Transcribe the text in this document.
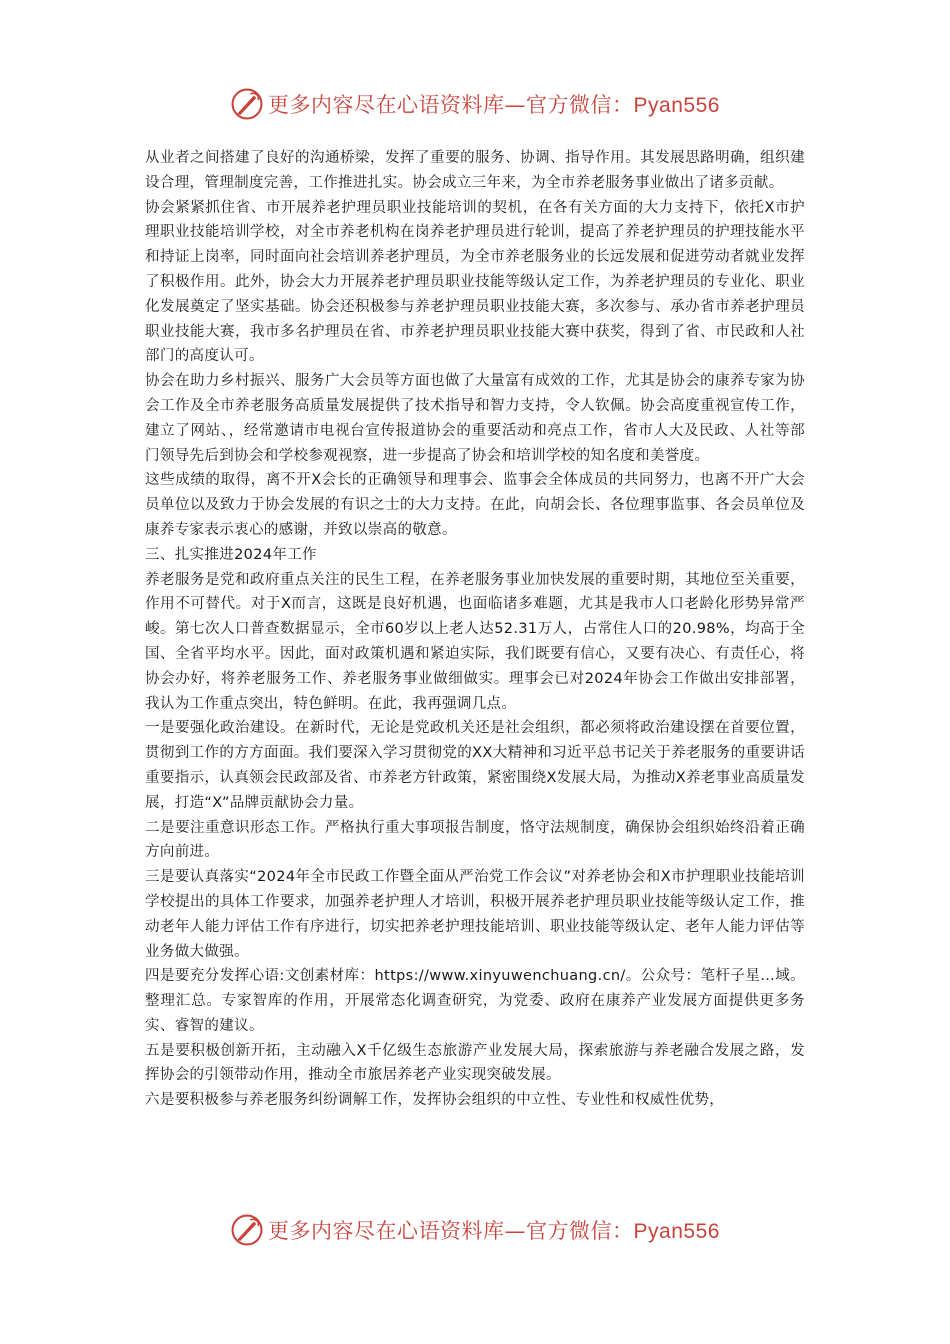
更多内容尽在心语资料库—官方微信：Pyan556

从业者之间搭建了良好的沟通桥梁，发挥了重要的服务、协调、指导作用。其发展思路明确，组织建设合理，管理制度完善，工作推进扎实。协会成立三年来，为全市养老服务事业做出了诸多贡献。

协会紧紧抓住省、市开展养老护理员职业技能培训的契机，在各有关方面的大力支持下，依托X市护理职业技能培训学校，对全市养老机构在岗养老护理员进行轮训，提高了养老护理员的护理技能水平和持证上岗率，同时面向社会培训养老护理员，为全市养老服务业的长远发展和促进劳动者就业发挥了积极作用。此外，协会大力开展养老护理员职业技能等级认定工作，为养老护理员的专业化、职业化发展奠定了坚实基础。协会还积极参与养老护理员职业技能大赛，多次参与、承办省市养老护理员职业技能大赛，我市多名护理员在省、市养老护理员职业技能大赛中获奖，得到了省、市民政和人社部门的高度认可。

协会在助力乡村振兴、服务广大会员等方面也做了大量富有成效的工作，尤其是协会的康养专家为协会工作及全市养老服务高质量发展提供了技术指导和智力支持，令人钦佩。协会高度重视宣传工作，建立了网站、，经常邀请市电视台宣传报道协会的重要活动和亮点工作，省市人大及民政、人社等部门领导先后到协会和学校参观视察，进一步提高了协会和培训学校的知名度和美誉度。

这些成绩的取得，离不开X会长的正确领导和理事会、监事会全体成员的共同努力，也离不开广大会员单位以及致力于协会发展的有识之士的大力支持。在此，向胡会长、各位理事监事、各会员单位及康养专家表示衷心的感谢，并致以崇高的敬意。

三、扎实推进2024年工作

养老服务是党和政府重点关注的民生工程，在养老服务事业加快发展的重要时期，其地位至关重要，作用不可替代。对于X而言，这既是良好机遇，也面临诸多难题，尤其是我市人口老龄化形势异常严峻。第七次人口普查数据显示，全市60岁以上老人达52.31万人，占常住人口的20.98%，均高于全国、全省平均水平。因此，面对政策机遇和紧迫实际，我们既要有信心，又要有决心、有责任心，将协会办好，将养老服务工作、养老服务事业做细做实。理事会已对2024年协会工作做出安排部署，我认为工作重点突出，特色鲜明。在此，我再强调几点。

一是要强化政治建设。在新时代，无论是党政机关还是社会组织，都必须将政治建设摆在首要位置，贯彻到工作的方方面面。我们要深入学习贯彻党的XX大精神和习近平总书记关于养老服务的重要讲话重要指示，认真领会民政部及省、市养老方针政策，紧密围绕X发展大局，为推动X养老事业高质量发展，打造“X”品牌贡献协会力量。

二是要注重意识形态工作。严格执行重大事项报告制度，恪守法规制度，确保协会组织始终沿着正确方向前进。

三是要认真落实“2024年全市民政工作暨全面从严治党工作会议”对养老协会和X市护理职业技能培训学校提出的具体工作要求，加强养老护理人才培训，积极开展养老护理员职业技能等级认定工作，推动老年人能力评估工作有序进行，切实把养老护理技能培训、职业技能等级认定、老年人能力评估等业务做大做强。

四是要充分发挥心语:文创素材库：https://www.xinyuwenchuang.cn/。公众号：笔杆子星…域。整理汇总。专家智库的作用，开展常态化调查研究，为党委、政府在康养产业发展方面提供更多务实、睿智的建议。

五是要积极创新开拓，主动融入X千亿级生态旅游产业发展大局，探索旅游与养老融合发展之路，发挥协会的引领带动作用，推动全市旅居养老产业实现突破发展。

六是要积极参与养老服务纠纷调解工作，发挥协会组织的中立性、专业性和权威性优势，

更多内容尽在心语资料库—官方微信：Pyan556
